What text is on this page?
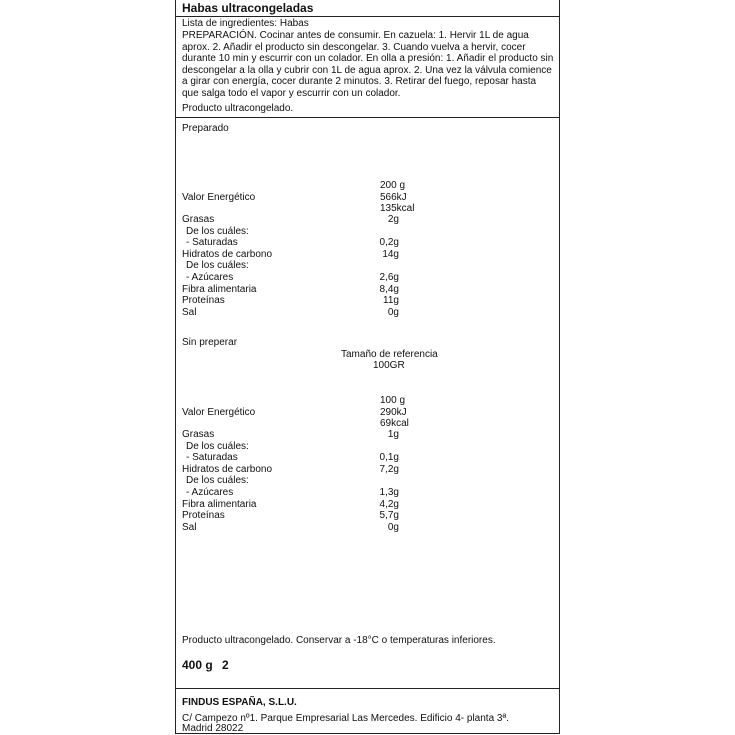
Habas ultracongeladas
Lista de ingredientes: Habas
PREPARACIÓN. Cocinar antes de consumir. En cazuela: 1. Hervir 1L de agua aprox. 2. Añadir el producto sin descongelar. 3. Cuando vuelva a hervir, cocer durante 10 min y escurrir con un colador. En olla a presión: 1. Añadir el producto sin descongelar a la olla y cubrir con 1L de agua aprox. 2. Una vez la válvula comience a girar con energía, cocer durante 2 minutos. 3. Retirar del fuego, reposar hasta que salga todo el vapor y escurrir con un colador.
Producto ultracongelado.
Preparado
200 g
Valor Energético	566kJ
135kcal
Grasas	2g
De los cuáles:
- Saturadas	0,2g
Hidratos de carbono	14g
De los cuáles:
- Azúcares	2,6g
Fibra alimentaria	8,4g
Proteínas	11g
Sal	0g
Sin preperar
Tamaño de referencia
100GR
100 g
Valor Energético	290kJ
69kcal
Grasas	1g
De los cuáles:
- Saturadas	0,1g
Hidratos de carbono	7,2g
De los cuáles:
- Azúcares	1,3g
Fibra alimentaria	4,2g
Proteínas	5,7g
Sal	0g
Producto ultracongelado. Conservar a -18°C o temperaturas inferiores.
400 g 2
FINDUS ESPAÑA, S.L.U.
C/ Campezo nº1. Parque Empresarial Las Mercedes. Edificio 4- planta 3ª.
Madrid 28022
